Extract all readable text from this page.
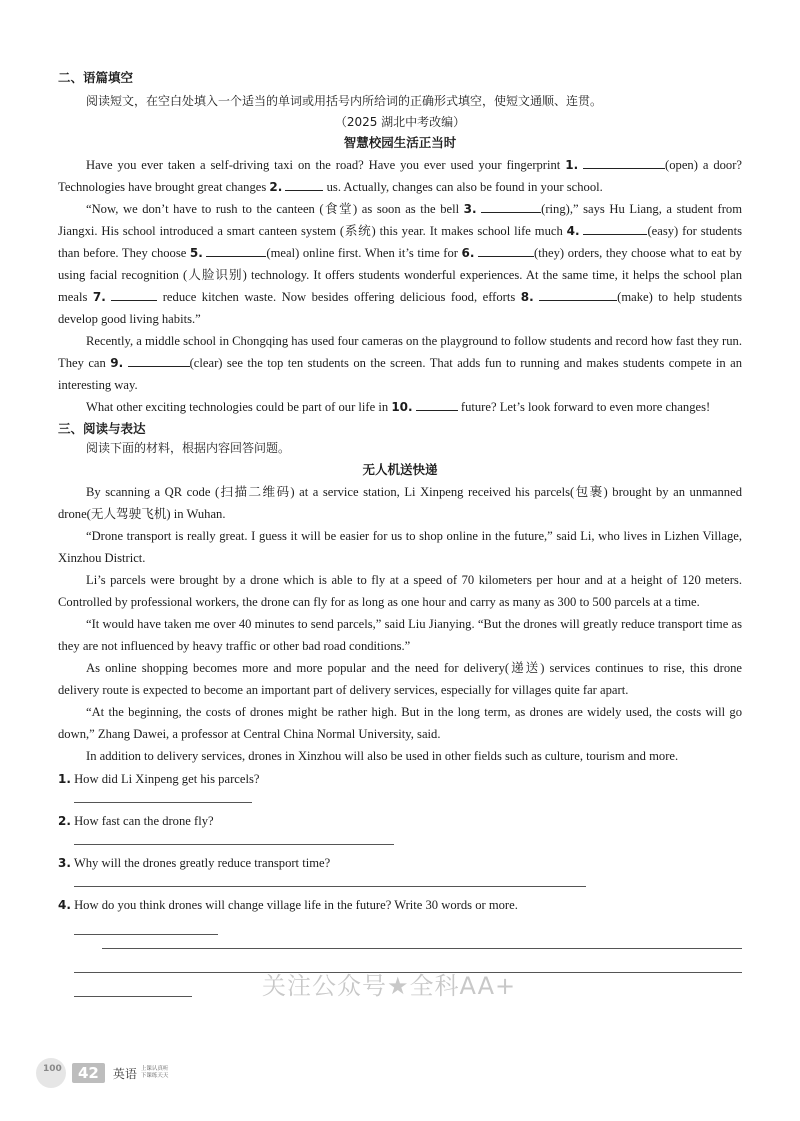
二、语篇填空

阅读短文，在空白处填入一个适当的单词或用括号内所给词的正确形式填空，使短文通顺、连贯。

（2025 湖北中考改编）
智慧校园生活正当时

Have you ever taken a self-driving taxi on the road? Have you ever used your fingerprint 1.	(open) a door? Technologies have brought great changes 2.	us. Actually, changes can also be found in your school.

“Now, we don’t have to rush to the canteen (食堂) as soon as the bell 3.	(ring),” says Hu Liang, a student from Jiangxi. His school introduced a smart canteen system (系统) this year. It makes school life much 4.	(easy) for students than before. They choose 5.	(meal) online first. When it’s time for 6.	(they) orders, they choose what to eat by using facial recognition (人脸识别) technology. It offers students wonderful experiences. At the same time, it helps the school plan meals 7.	reduce kitchen waste. Now besides offering delicious food, efforts 8.	(make) to help students develop good living habits.”

Recently, a middle school in Chongqing has used four cameras on the playground to follow students and record how fast they run. They can 9.	(clear) see the top ten students on the screen. That adds fun to running and makes students compete in an interesting way.

What other exciting technologies could be part of our life in 10.	future? Let’s look forward to even more changes!

三、阅读与表达

阅读下面的材料，根据内容回答问题。

无人机送快递

By scanning a QR code (扫描二维码) at a service station, Li Xinpeng received his parcels(包裹) brought by an unmanned drone(无人驾驶飞机) in Wuhan.

“Drone transport is really great. I guess it will be easier for us to shop online in the future,” said Li, who lives in Lizhen Village, Xinzhou District.

Li’s parcels were brought by a drone which is able to fly at a speed of 70 kilometers per hour and at a height of 120 meters. Controlled by professional workers, the drone can fly for as long as one hour and carry as many as 300 to 500 parcels at a time.

“It would have taken me over 40 minutes to send parcels,” said Liu Jianying. “But the drones will greatly reduce transport time as they are not influenced by heavy traffic or other bad road conditions.”

As online shopping becomes more and more popular and the need for delivery(递送) services continues to rise, this drone delivery route is expected to become an important part of delivery services, especially for villages quite far apart.

“At the beginning, the costs of drones might be rather high. But in the long term, as drones are widely used, the costs will go down,” Zhang Dawei, a professor at Central China Normal University, said.

In addition to delivery services, drones in Xinzhou will also be used in other fields such as culture, tourism and more.

1. How did Li Xinpeng get his parcels?

2. How fast can the drone fly?

3. Why will the drones greatly reduce transport time?

4. How do you think drones will change village life in the future? Write 30 words or more.

关注公众号★全科AA+
100	42	英语 上课认真听
下课练天天
